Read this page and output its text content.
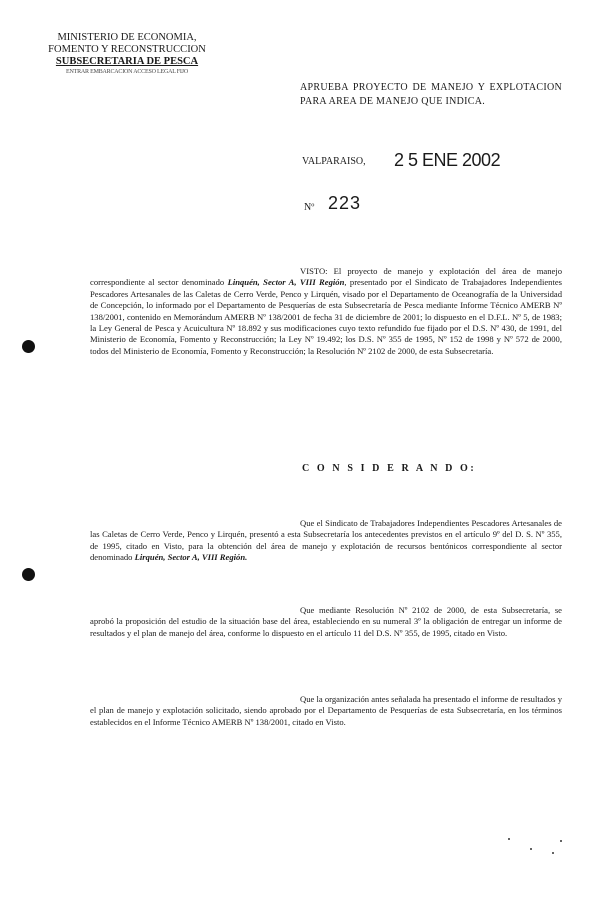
MINISTERIO DE ECONOMIA,
FOMENTO Y RECONSTRUCCION
SUBSECRETARIA DE PESCA
ENTRAR EMBARCACION ACCESO LEGAL FIJO
APRUEBA PROYECTO DE MANEJO Y EXPLOTACION PARA AREA DE MANEJO QUE INDICA.
VALPARAISO, 2 5 ENE 2002
Nº 223
VISTO: El proyecto de manejo y explotación del área de manejo correspondiente al sector denominado Linquén, Sector A, VIII Región, presentado por el Sindicato de Trabajadores Independientes Pescadores Artesanales de las Caletas de Cerro Verde, Penco y Lirquén, visado por el Departamento de Oceanografía de la Universidad de Concepción, lo informado por el Departamento de Pesquerías de esta Subsecretaría de Pesca mediante Informe Técnico AMERB Nº 138/2001, contenido en Memorándum AMERB Nº 138/2001 de fecha 31 de diciembre de 2001; lo dispuesto en el D.F.L. Nº 5, de 1983; la Ley General de Pesca y Acuicultura Nº 18.892 y sus modificaciones cuyo texto refundido fue fijado por el D.S. Nº 430, de 1991, del Ministerio de Economía, Fomento y Reconstrucción; la Ley Nº 19.492; los D.S. Nº 355 de 1995, Nº 152 de 1998 y Nº 572 de 2000, todos del Ministerio de Economía, Fomento y Reconstrucción; la Resolución Nº 2102 de 2000, de esta Subsecretaría.
C O N S I D E R A N D O:
Que el Sindicato de Trabajadores Independientes Pescadores Artesanales de las Caletas de Cerro Verde, Penco y Lirquén, presentó a esta Subsecretaría los antecedentes previstos en el artículo 9º del D. S. Nº 355, de 1995, citado en Visto, para la obtención del área de manejo y explotación de recursos bentónicos correspondiente al sector denominado Lirquén, Sector A, VIII Región.
Que mediante Resolución Nº 2102 de 2000, de esta Subsecretaría, se aprobó la proposición del estudio de la situación base del área, estableciendo en su numeral 3º la obligación de entregar un informe de resultados y el plan de manejo del área, conforme lo dispuesto en el artículo 11 del D.S. Nº 355, de 1995, citado en Visto.
Que la organización antes señalada ha presentado el informe de resultados y el plan de manejo y explotación solicitado, siendo aprobado por el Departamento de Pesquerías de esta Subsecretaría, en los términos establecidos en el Informe Técnico AMERB Nº 138/2001, citado en Visto.
